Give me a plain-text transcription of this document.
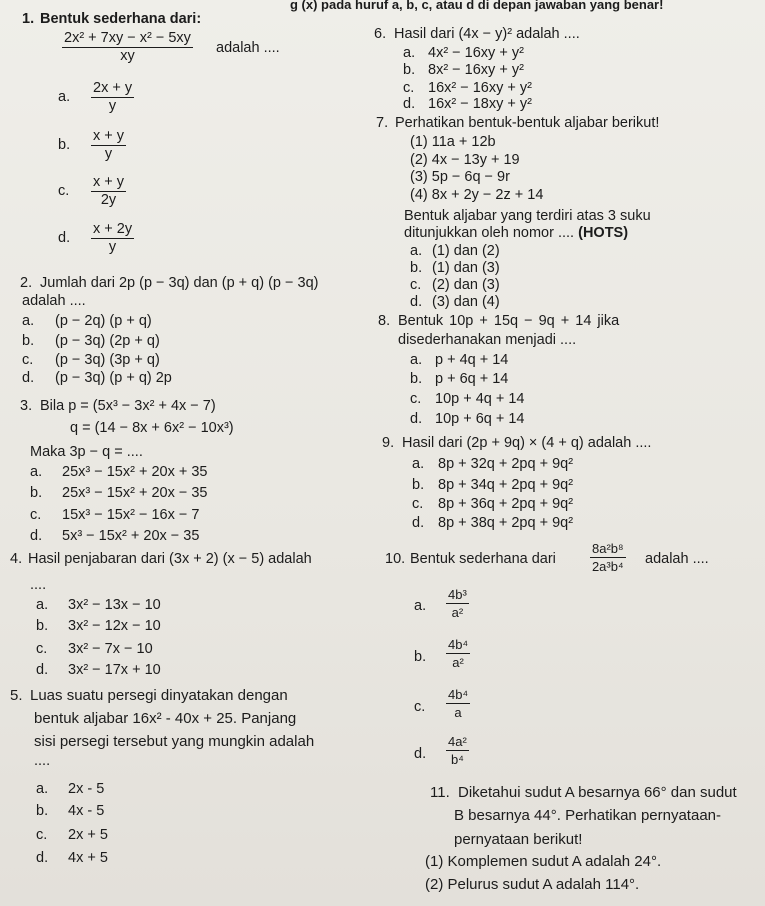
g (x) pada huruf a, b, c, atau d di depan jawaban yang benar!
1. Bentuk sederhana dari:
$\frac{\text{2x² + 7xy − x² − 5xy}}{xy}$ adalah ....
a. $\frac{2x + y}{y}$
b. $\frac{x + y}{y}$
c. $\frac{x + y}{2y}$
d. $\frac{x + 2y}{y}$
2. Jumlah dari 2p (p − 3q) dan (p + q) (p − 3q)
adalah ....
a. (p − 2q) (p + q)
b. (p − 3q) (2p + q)
c. (p − 3q) (3p + q)
d. (p − 3q) (p + q) 2p
3. Bila p = (5x³ − 3x² + 4x − 7)
q = (14 − 8x + 6x² − 10x³)
Maka 3p − q = ....
a. 25x³ − 15x² + 20x + 35
b. 25x³ − 15x² + 20x − 35
c. 15x³ − 15x² − 16x − 7
d. 5x³ − 15x² + 20x − 35
4. Hasil penjabaran dari (3x + 2) (x − 5) adalah
....
a. 3x² − 13x − 10
b. 3x² − 12x − 10
c. 3x² − 7x − 10
d. 3x² − 17x + 10
5. Luas suatu persegi dinyatakan dengan
bentuk aljabar 16x² - 40x + 25. Panjang
sisi persegi tersebut yang mungkin adalah
....
a. 2x - 5
b. 4x - 5
c. 2x + 5
d. 4x + 5
6. Hasil dari (4x − y)² adalah ....
a. 4x² − 16xy + y²
b. 8x² − 16xy + y²
c. 16x² − 16xy + y²
d. 16x² − 18xy + y²
7. Perhatikan bentuk-bentuk aljabar berikut!
(1) 11a + 12b
(2) 4x − 13y + 19
(3) 5p − 6q − 9r
(4) 8x + 2y − 2z + 14
Bentuk aljabar yang terdiri atas 3 suku
ditunjukkan oleh nomor .... (HOTS)
a. (1) dan (2)
b. (1) dan (3)
c. (2) dan (3)
d. (3) dan (4)
8. Bentuk 10p + 15q − 9q + 14 jika
disederhanakan menjadi ....
a. p + 4q + 14
b. p + 6q + 14
c. 10p + 4q + 14
d. 10p + 6q + 14
9. Hasil dari (2p + 9q) × (4 + q) adalah ....
a. 8p + 32q + 2pq + 9q²
b. 8p + 34q + 2pq + 9q²
c. 8p + 36q + 2pq + 9q²
d. 8p + 38q + 2pq + 9q²
10. Bentuk sederhana dari	$\frac{\text{8a²b⁸}}{\text{2a³b⁴}}$ adalah ....
a. $\frac{\text{4b³}}{\text{a²}}$
b. $\frac{\text{4b⁴}}{\text{a²}}$
c. $\frac{\text{4b⁴}}{a}$
d. $\frac{\text{4a²}}{\text{b⁴}}$
11. Diketahui sudut A besarnya 66° dan sudut
B besarnya 44°. Perhatikan pernyataan-
pernyataan berikut!
(1) Komplemen sudut A adalah 24°.
(2) Pelurus sudut A adalah 114°.
